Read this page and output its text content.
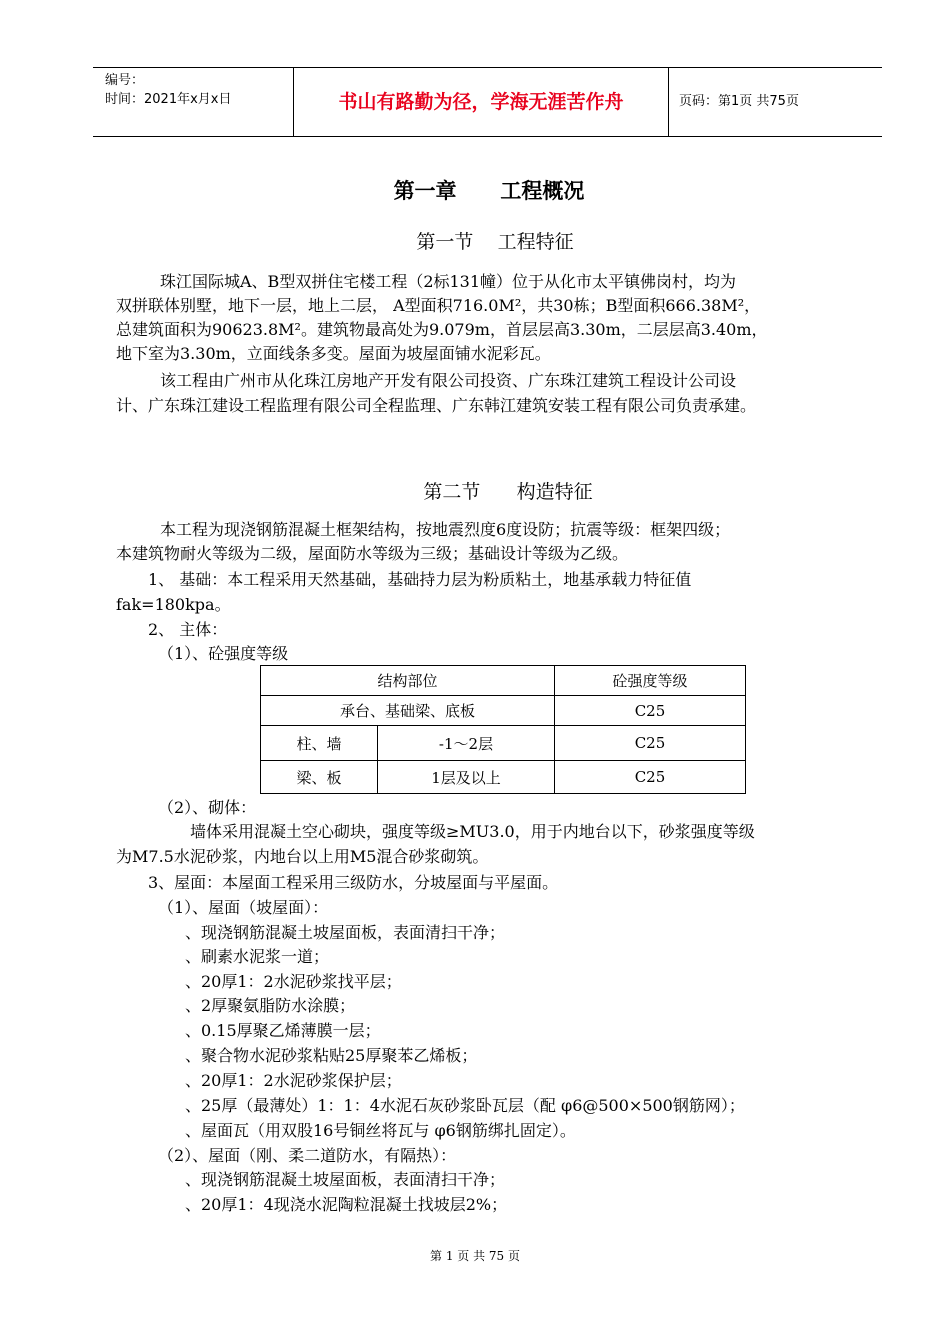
编号：
时间：2021年x月x日	书山有路勤为径，学海无涯苦作舟	页码：第1页 共75页
第一章      工程概况
第一节    工程特征
珠江国际城A、B型双拼住宅楼工程（2标131幢）位于从化市太平镇佛岗村，均为
双拼联体别墅，地下一层，地上二层， A型面积716.0M²，共30栋；B型面积666.38M²，
总建筑面积为90623.8M²。建筑物最高处为9.079m，首层层高3.30m，二层层高3.40m，
地下室为3.30m，立面线条多变。屋面为坡屋面铺水泥彩瓦。
该工程由广州市从化珠江房地产开发有限公司投资、广东珠江建筑工程设计公司设
计、广东珠江建设工程监理有限公司全程监理、广东韩江建筑安装工程有限公司负责承建。
第二节      构造特征
本工程为现浇钢筋混凝土框架结构，按地震烈度6度设防；抗震等级：框架四级；
本建筑物耐火等级为二级，屋面防水等级为三级；基础设计等级为乙级。
1、 基础：本工程采用天然基础，基础持力层为粉质粘土，地基承载力特征值
fak=180kpa。
2、 主体：
（1）、砼强度等级
结构部位		砼强度等级
承台、基础梁、底板		C25
柱、墙	-1～2层	C25
梁、板	1层及以上	C25
（2）、砌体：
墙体采用混凝土空心砌块，强度等级≥MU3.0，用于内地台以下，砂浆强度等级
为M7.5水泥砂浆，内地台以上用M5混合砂浆砌筑。
3、屋面：本屋面工程采用三级防水，分坡屋面与平屋面。
（1）、屋面（坡屋面）：
、现浇钢筋混凝土坡屋面板，表面清扫干净；
、刷素水泥浆一道；
、20厚1：2水泥砂浆找平层；
、2厚聚氨脂防水涂膜；
、0.15厚聚乙烯薄膜一层；
、聚合物水泥砂浆粘贴25厚聚苯乙烯板；
、20厚1：2水泥砂浆保护层；
、25厚（最薄处）1：1：4水泥石灰砂浆卧瓦层（配 φ6@500×500钢筋网）；
、屋面瓦（用双股16号铜丝将瓦与 φ6钢筋绑扎固定）。
（2）、屋面（刚、柔二道防水，有隔热）：
、现浇钢筋混凝土坡屋面板，表面清扫干净；
、20厚1：4现浇水泥陶粒混凝土找坡层2%；
第 1 页 共 75 页
